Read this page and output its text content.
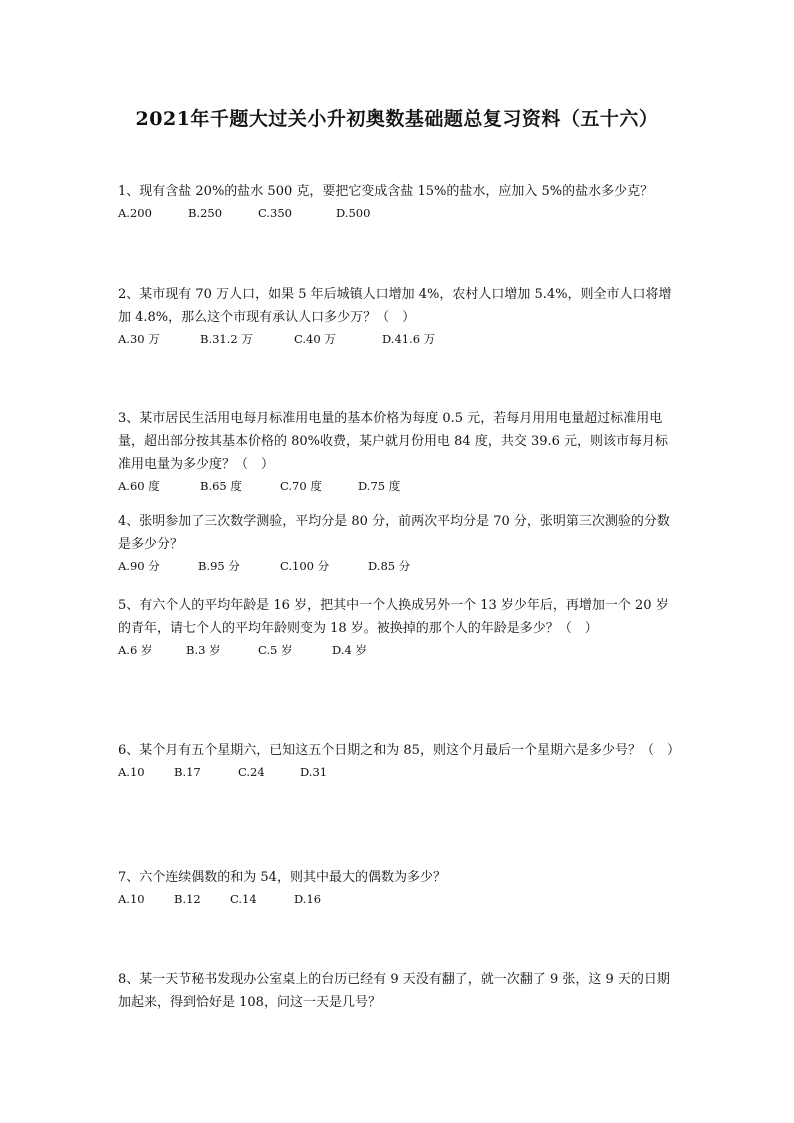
2021年千题大过关小升初奥数基础题总复习资料（五十六）

1、现有含盐 20%的盐水 500 克，要把它变成含盐 15%的盐水，应加入 5%的盐水多少克？

A.200	B.250	C.350	D.500

2、某市现有 70 万人口，如果 5 年后城镇人口增加 4%，农村人口增加 5.4%，则全市人口将增加 4.8%，那么这个市现有承认人口多少万？（　）

A.30 万	B.31.2 万	C.40 万	D.41.6 万

3、某市居民生活用电每月标准用电量的基本价格为每度 0.5 元，若每月用用电量超过标准用电量，超出部分按其基本价格的 80%收费，某户就月份用电 84 度，共交 39.6 元，则该市每月标准用电量为多少度？（　）

A.60 度	B.65 度	C.70 度	D.75 度

4、张明参加了三次数学测验，平均分是 80 分，前两次平均分是 70 分，张明第三次测验的分数是多少分？

A.90 分	B.95 分	C.100 分	D.85 分

5、有六个人的平均年龄是 16 岁，把其中一个人换成另外一个 13 岁少年后，再增加一个 20 岁的青年，请七个人的平均年龄则变为 18 岁。被换掉的那个人的年龄是多少？（　）

A.6 岁	B.3 岁	C.5 岁	D.4 岁

6、某个月有五个星期六，已知这五个日期之和为 85，则这个月最后一个星期六是多少号？（　）

A.10	B.17	C.24	D.31

7、六个连续偶数的和为 54，则其中最大的偶数为多少？

A.10	B.12	C.14	D.16

8、某一天节秘书发现办公室桌上的台历已经有 9 天没有翻了，就一次翻了 9 张，这 9 天的日期加起来，得到恰好是 108，问这一天是几号？
